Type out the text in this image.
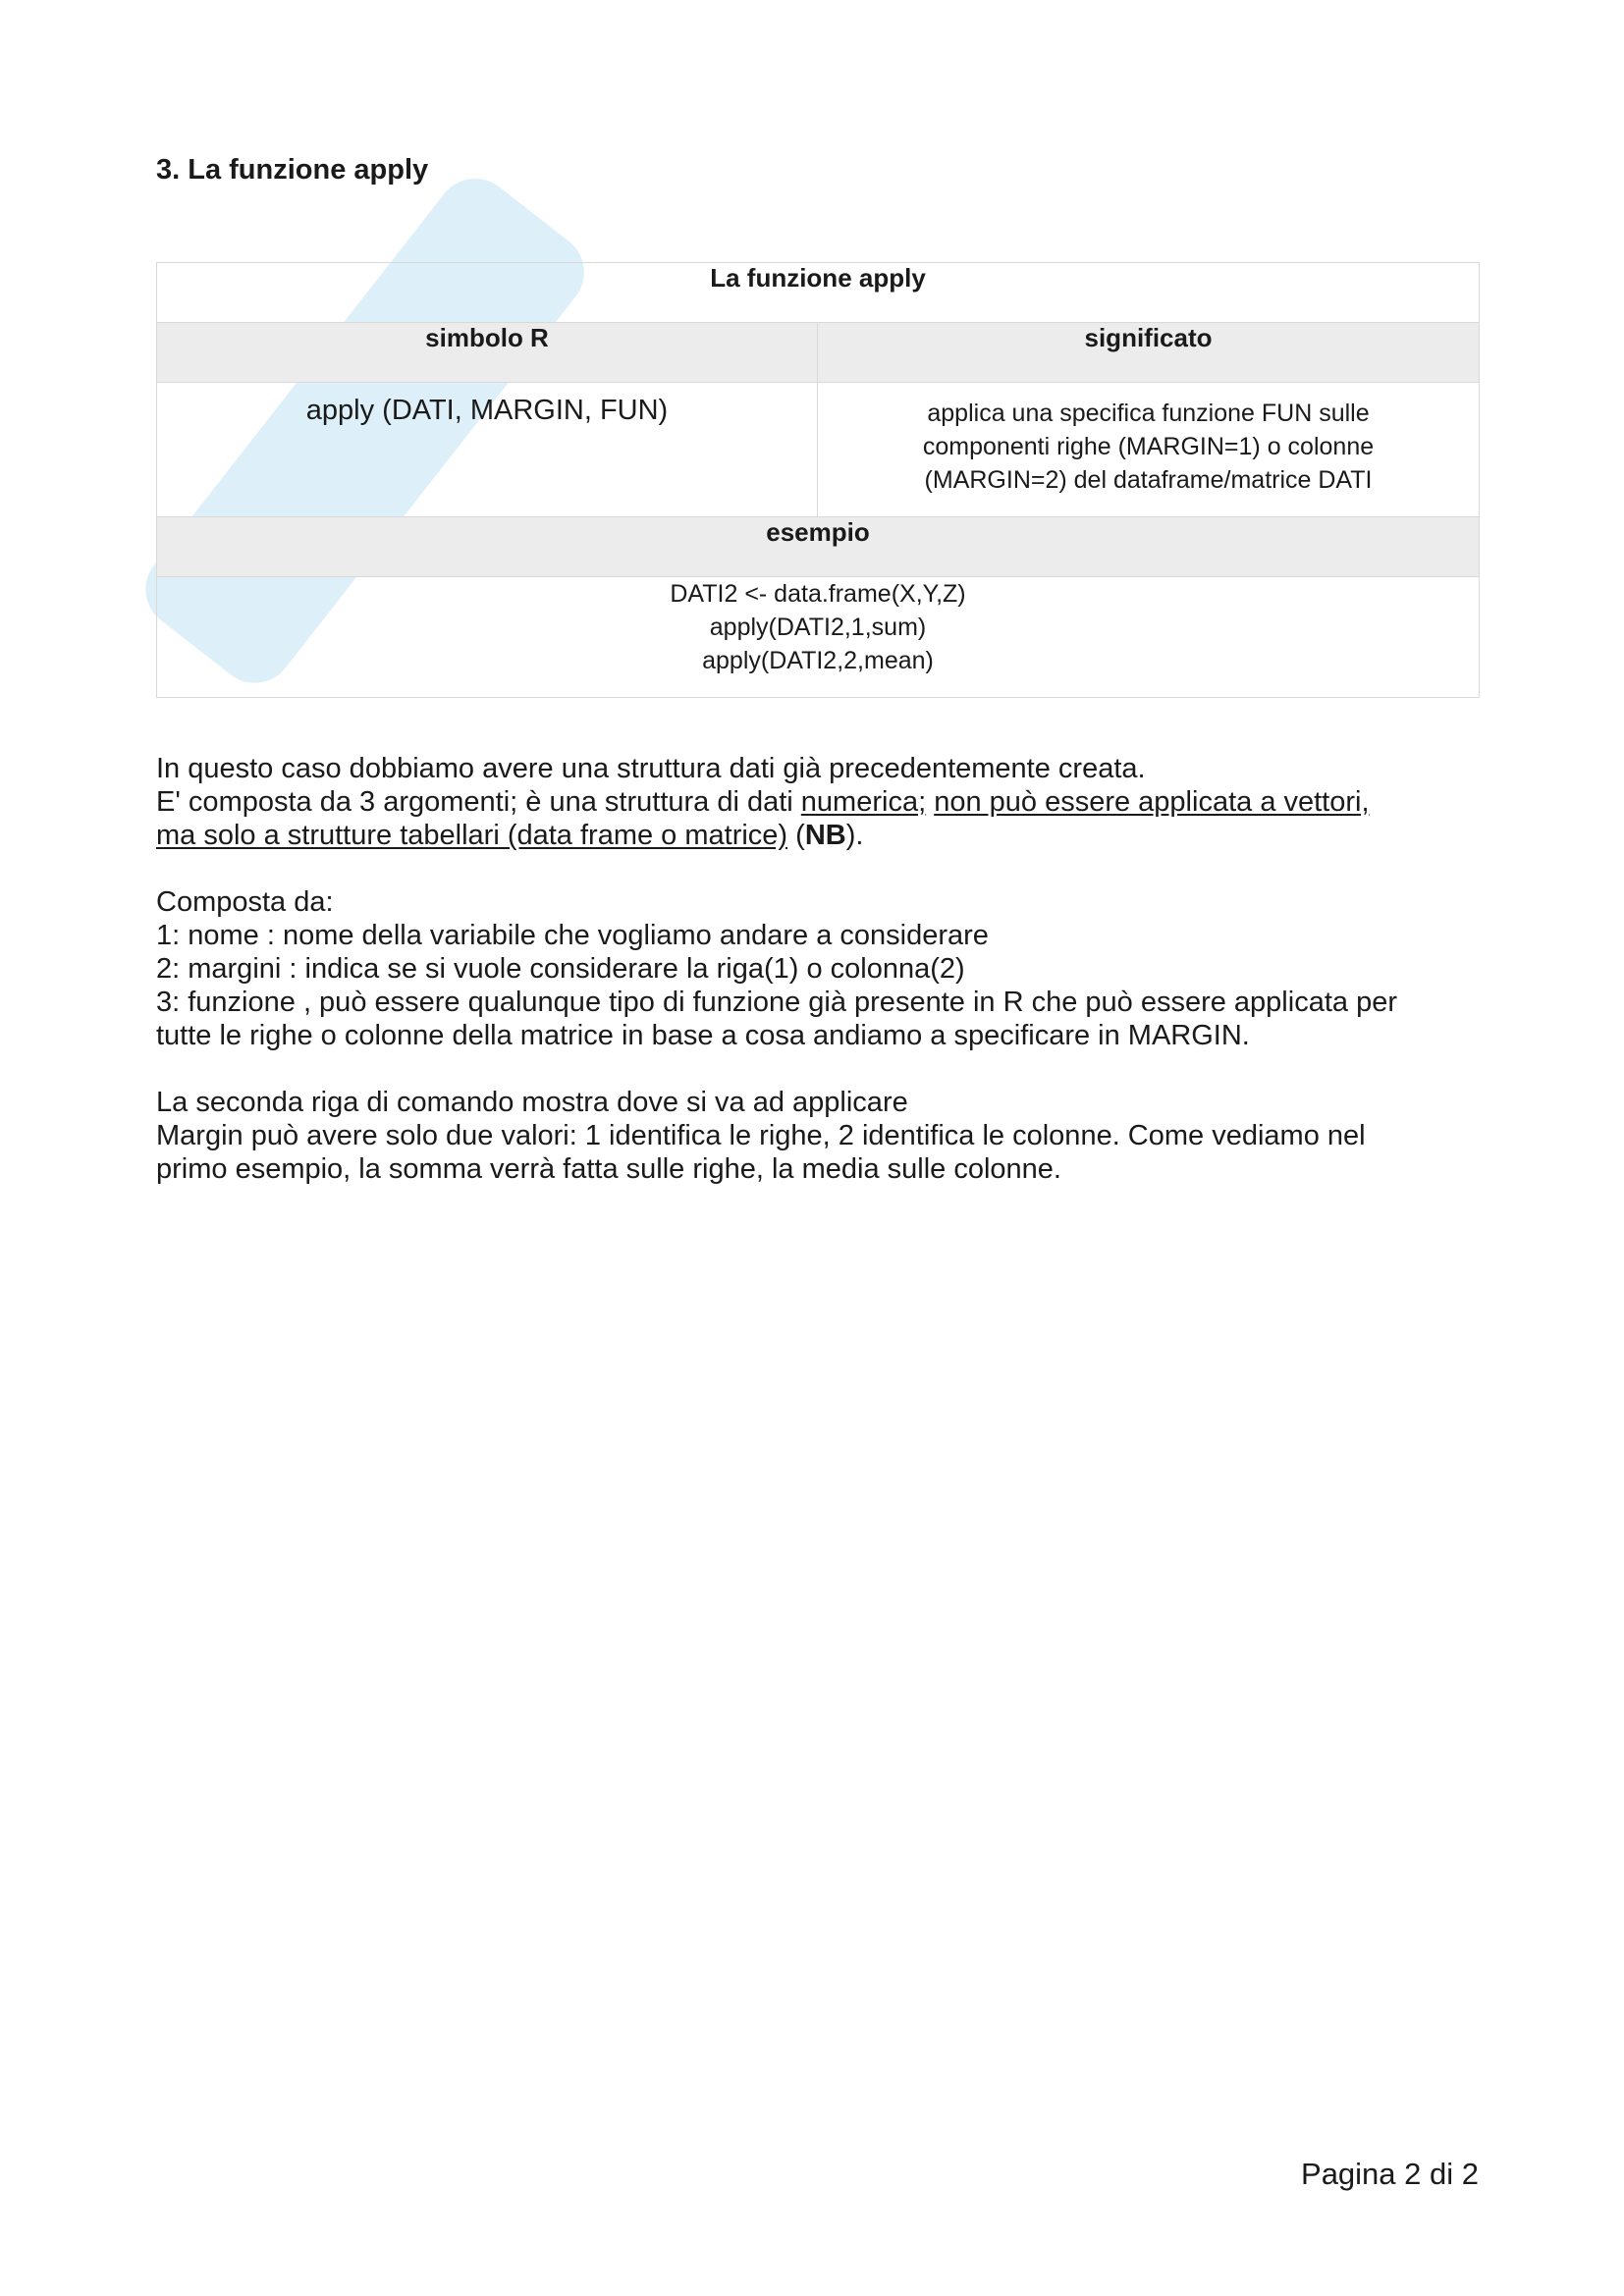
3. La funzione apply
La funzione apply	
simbolo R	significato
apply (DATI, MARGIN, FUN)	applica una specifica funzione FUN sulle
componenti righe (MARGIN=1) o colonne
(MARGIN=2) del dataframe/matrice DATI

esempio	

DATI2 <- data.frame(X,Y,Z)
apply(DATI2,1,sum)
apply(DATI2,2,mean)	

In questo caso dobbiamo avere una struttura dati già precedentemente creata.
E' composta da 3 argomenti; è una struttura di dati numerica; non può essere applicata a vettori,
ma solo a strutture tabellari (data frame o matrice) (NB).

Composta da:
1: nome : nome della variabile che vogliamo andare a considerare
2: margini : indica se si vuole considerare la riga(1) o colonna(2)
3: funzione , può essere qualunque tipo di funzione già presente in R che può essere applicata per
tutte le righe o colonne della matrice in base a cosa andiamo a specificare in MARGIN.

La seconda riga di comando mostra dove si va ad applicare
Margin può avere solo due valori: 1 identifica le righe, 2 identifica le colonne. Come vediamo nel
primo esempio, la somma verrà fatta sulle righe, la media sulle colonne.

Pagina 2 di 2
